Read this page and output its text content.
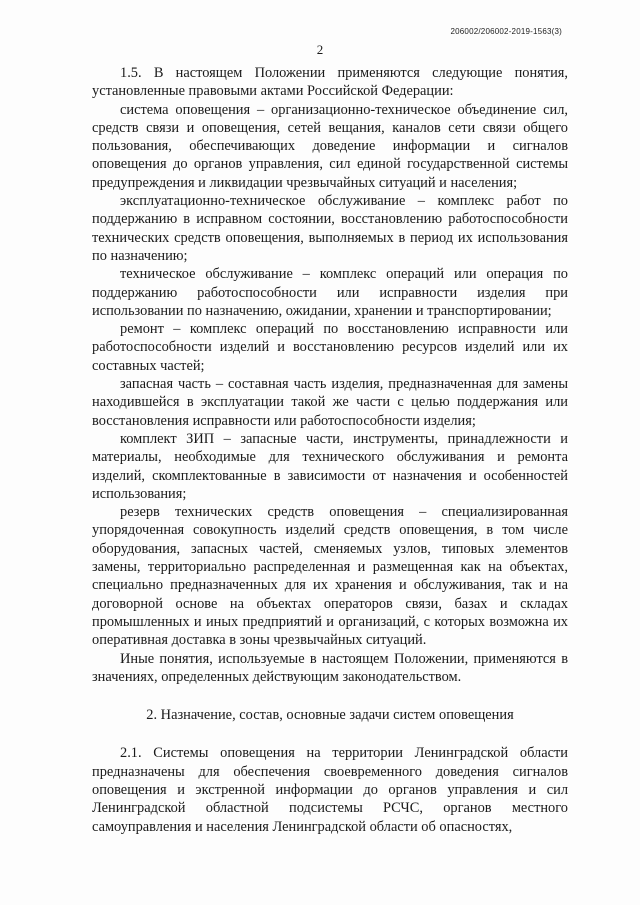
206002/206002-2019-1563(3)
2

1.5. В настоящем Положении применяются следующие понятия, установленные правовыми актами Российской Федерации:

система оповещения – организационно-техническое объединение сил, средств связи и оповещения, сетей вещания, каналов сети связи общего пользования, обеспечивающих доведение информации и сигналов оповещения до органов управления, сил единой государственной системы предупреждения и ликвидации чрезвычайных ситуаций и населения;

эксплуатационно-техническое обслуживание – комплекс работ по поддержанию в исправном состоянии, восстановлению работоспособности технических средств оповещения, выполняемых в период их использования по назначению;

техническое обслуживание – комплекс операций или операция по поддержанию работоспособности или исправности изделия при использовании по назначению, ожидании, хранении и транспортировании;

ремонт – комплекс операций по восстановлению исправности или работоспособности изделий и восстановлению ресурсов изделий или их составных частей;

запасная часть – составная часть изделия, предназначенная для замены находившейся в эксплуатации такой же части с целью поддержания или восстановления исправности или работоспособности изделия;

комплект ЗИП – запасные части, инструменты, принадлежности и материалы, необходимые для технического обслуживания и ремонта изделий, скомплектованные в зависимости от назначения и особенностей использования;

резерв технических средств оповещения – специализированная упорядоченная совокупность изделий средств оповещения, в том числе оборудования, запасных частей, сменяемых узлов, типовых элементов замены, территориально распределенная и размещенная как на объектах, специально предназначенных для их хранения и обслуживания, так и на договорной основе на объектах операторов связи, базах и складах промышленных и иных предприятий и организаций, с которых возможна их оперативная доставка в зоны чрезвычайных ситуаций.

Иные понятия, используемые в настоящем Положении, применяются в значениях, определенных действующим законодательством.

2. Назначение, состав, основные задачи систем оповещения

2.1. Системы оповещения на территории Ленинградской области предназначены для обеспечения своевременного доведения сигналов оповещения и экстренной информации до органов управления и сил Ленинградской областной подсистемы РСЧС, органов местного самоуправления и населения Ленинградской области об опасностях,
